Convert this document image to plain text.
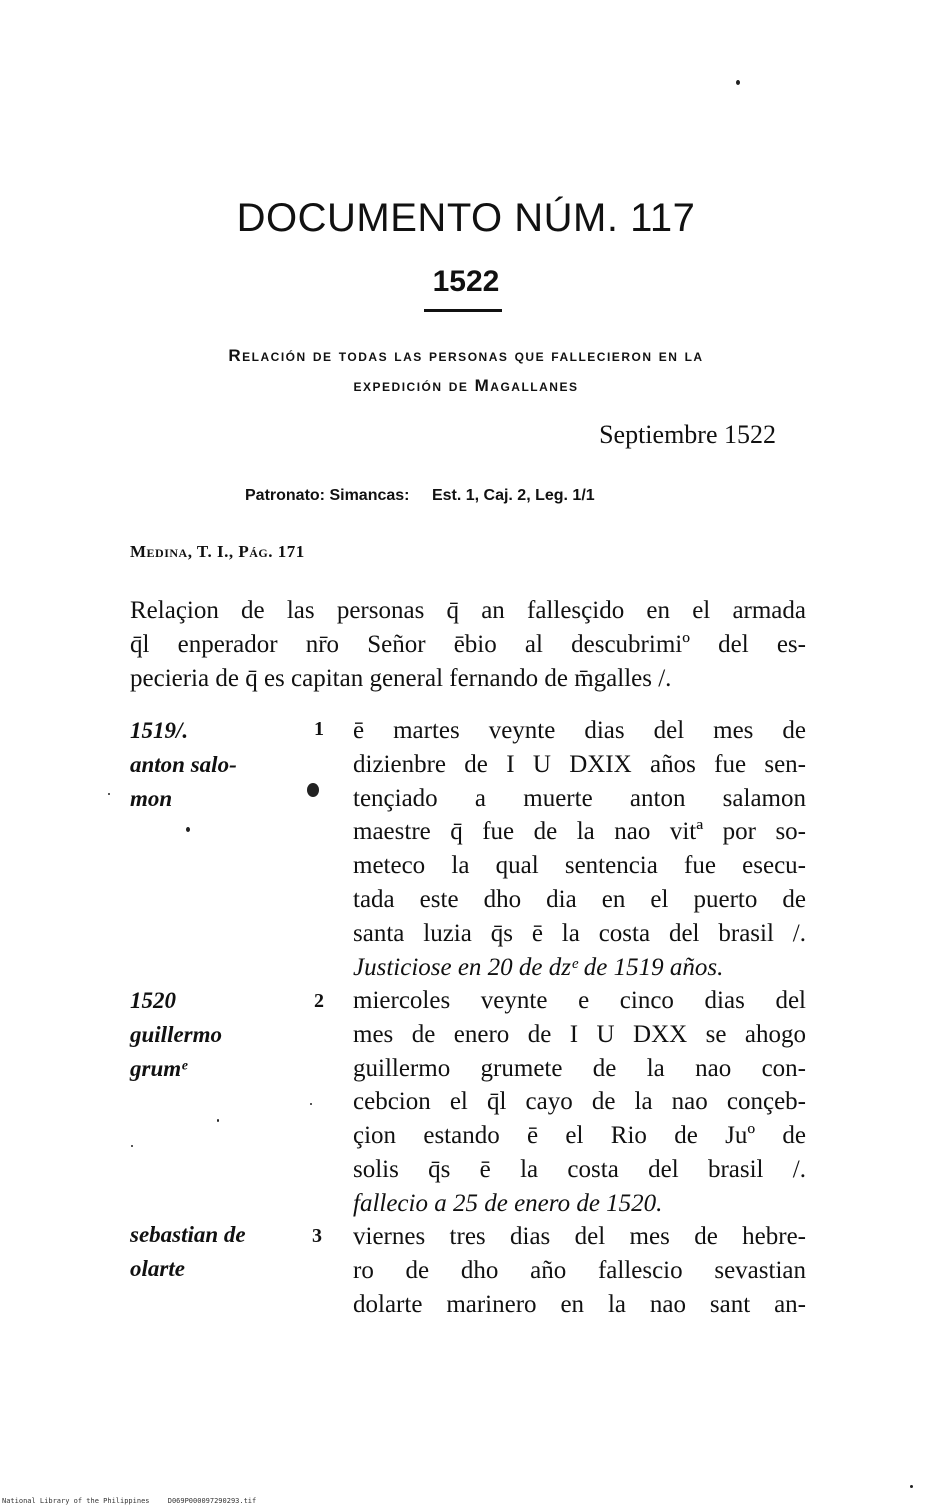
DOCUMENTO NÚM. 117
1522
Relación de todas las personas que fallecieron en la
expedición de Magallanes
Septiembre 1522
Patronato: Simancas: Est. 1, Caj. 2, Leg. 1/1
Medina, T. I., Pág. 171
Relaçion de las personas q̄ an fallesçido en el armada
q̄l enperador nr̄o Señor ēbio al descubrimiº del es-
pecieria de q̄ es capitan general fernando de m̄galles /.
1519/.
anton salo-
mon
1 ē martes veynte dias del mes de
dizienbre de I U DXIX años fue sen-
tençiado a muerte anton salamon
maestre q̄ fue de la nao vitª por so-
meteco la qual sentencia fue esecu-
tada este dho dia en el puerto de
santa luzia q̄s ē la costa del brasil /.
Justiciose en 20 de dzᵉ de 1519 años.
1520
guillermo
grumᵉ
2 miercoles veynte e cinco dias del
mes de enero de I U DXX se ahogo
guillermo grumete de la nao con-
cebcion el q̄l cayo de la nao conçeb-
çion estando ē el Rio de Juº de
solis q̄s ē la costa del brasil /.
fallecio a 25 de enero de 1520.
sebastian de
olarte
3 viernes tres dias del mes de hebre-
ro de dho año fallescio sevastian
dolarte marinero en la nao sant an-
National Library of the Philippines	D069P000097290293.tif
